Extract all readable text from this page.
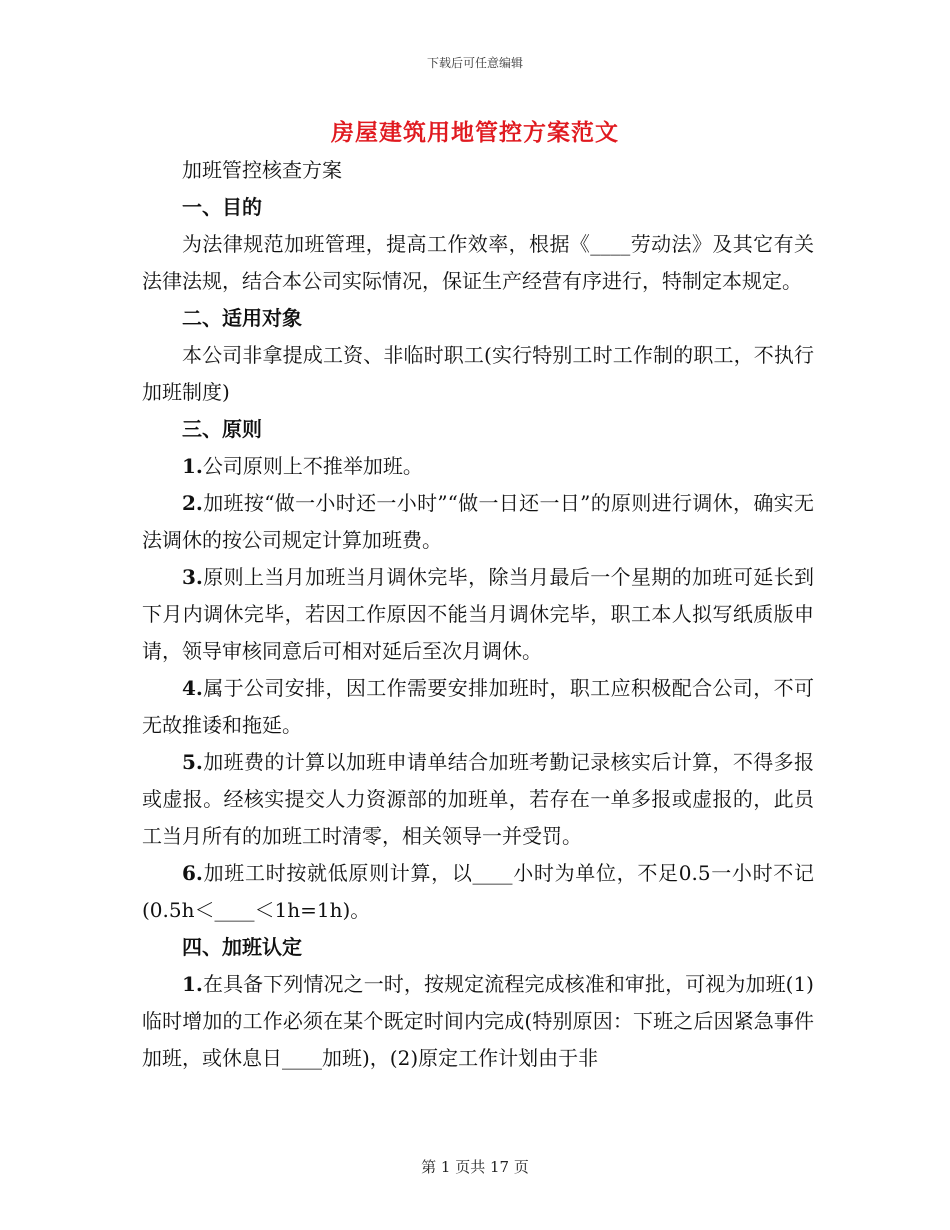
下载后可任意编辑
房屋建筑用地管控方案范文

加班管控核查方案

一、目的

为法律规范加班管理，提高工作效率，根据《____劳动法》及其它有关法律法规，结合本公司实际情况，保证生产经营有序进行，特制定本规定。

二、适用对象

本公司非拿提成工资、非临时职工(实行特别工时工作制的职工，不执行加班制度)

三、原则

1.公司原则上不推举加班。

2.加班按“做一小时还一小时”“做一日还一日”的原则进行调休，确实无法调休的按公司规定计算加班费。

3.原则上当月加班当月调休完毕，除当月最后一个星期的加班可延长到下月内调休完毕，若因工作原因不能当月调休完毕，职工本人拟写纸质版申请，领导审核同意后可相对延后至次月调休。

4.属于公司安排，因工作需要安排加班时，职工应积极配合公司，不可无故推诿和拖延。

5.加班费的计算以加班申请单结合加班考勤记录核实后计算，不得多报或虚报。经核实提交人力资源部的加班单，若存在一单多报或虚报的，此员工当月所有的加班工时清零，相关领导一并受罚。

6.加班工时按就低原则计算，以____小时为单位，不足0.5一小时不记(0.5h＜____＜1h=1h)。

四、加班认定

1.在具备下列情况之一时，按规定流程完成核准和审批，可视为加班(1)临时增加的工作必须在某个既定时间内完成(特别原因：下班之后因紧急事件加班，或休息日____加班)，(2)原定工作计划由于非

第 1 页共 17 页
